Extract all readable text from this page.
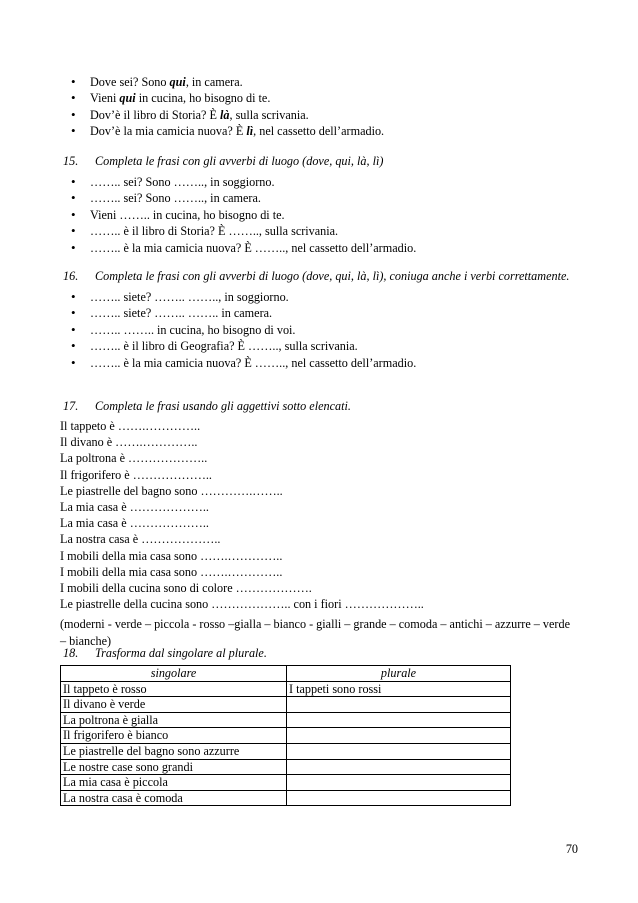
• Dove sei? Sono qui, in camera.
• Vieni qui in cucina, ho bisogno di te.
• Dov’è il libro di Storia? È là, sulla scrivania.
• Dov’è la mia camicia nuova? È lì, nel cassetto dell’armadio.
15.	Completa le frasi con gli avverbi di luogo (dove, qui, là, lì)
• …….. sei? Sono …….., in soggiorno.
• …….. sei? Sono …….., in camera.
• Vieni …….. in cucina, ho bisogno di te.
• …….. è il libro di Storia? È …….., sulla scrivania.
• …….. è la mia camicia nuova? È …….., nel cassetto dell’armadio.
16.	Completa le frasi con gli avverbi di luogo (dove, qui, là, lì), coniuga anche i verbi correttamente.
• …….. siete? …….. …….., in soggiorno.
• …….. siete? …….. …….. in camera.
• …….. …….. in cucina, ho bisogno di voi.
• …….. è il libro di Geografia? È …….., sulla scrivania.
• …….. è la mia camicia nuova? È …….., nel cassetto dell’armadio.
17.	Completa le frasi usando gli aggettivi sotto elencati.
Il tappeto è …….…………..
Il divano è …….…………..
La poltrona è ………………..
Il frigorifero è ………………..
Le piastrelle del bagno sono ………….……..
La mia casa è ………………..
La mia casa è ………………..
La nostra casa è ………………..
I mobili della mia casa sono …….…………..
I mobili della mia casa sono …….…………..
I mobili della cucina sono di colore ……………….
Le piastrelle della cucina sono ……………….. con i fiori ………………..
(moderni - verde – piccola - rosso –gialla – bianco - gialli – grande – comoda – antichi – azzurre – verde – bianche)
18.	Trasforma dal singolare al plurale.
singolare	plurale
Il tappeto è rosso	I tappeti sono rossi
Il divano è verde	
La poltrona è gialla	
Il frigorifero è bianco	
Le piastrelle del bagno sono azzurre	
Le nostre case sono grandi	
La mia casa è piccola	
La nostra casa è comoda	
70
